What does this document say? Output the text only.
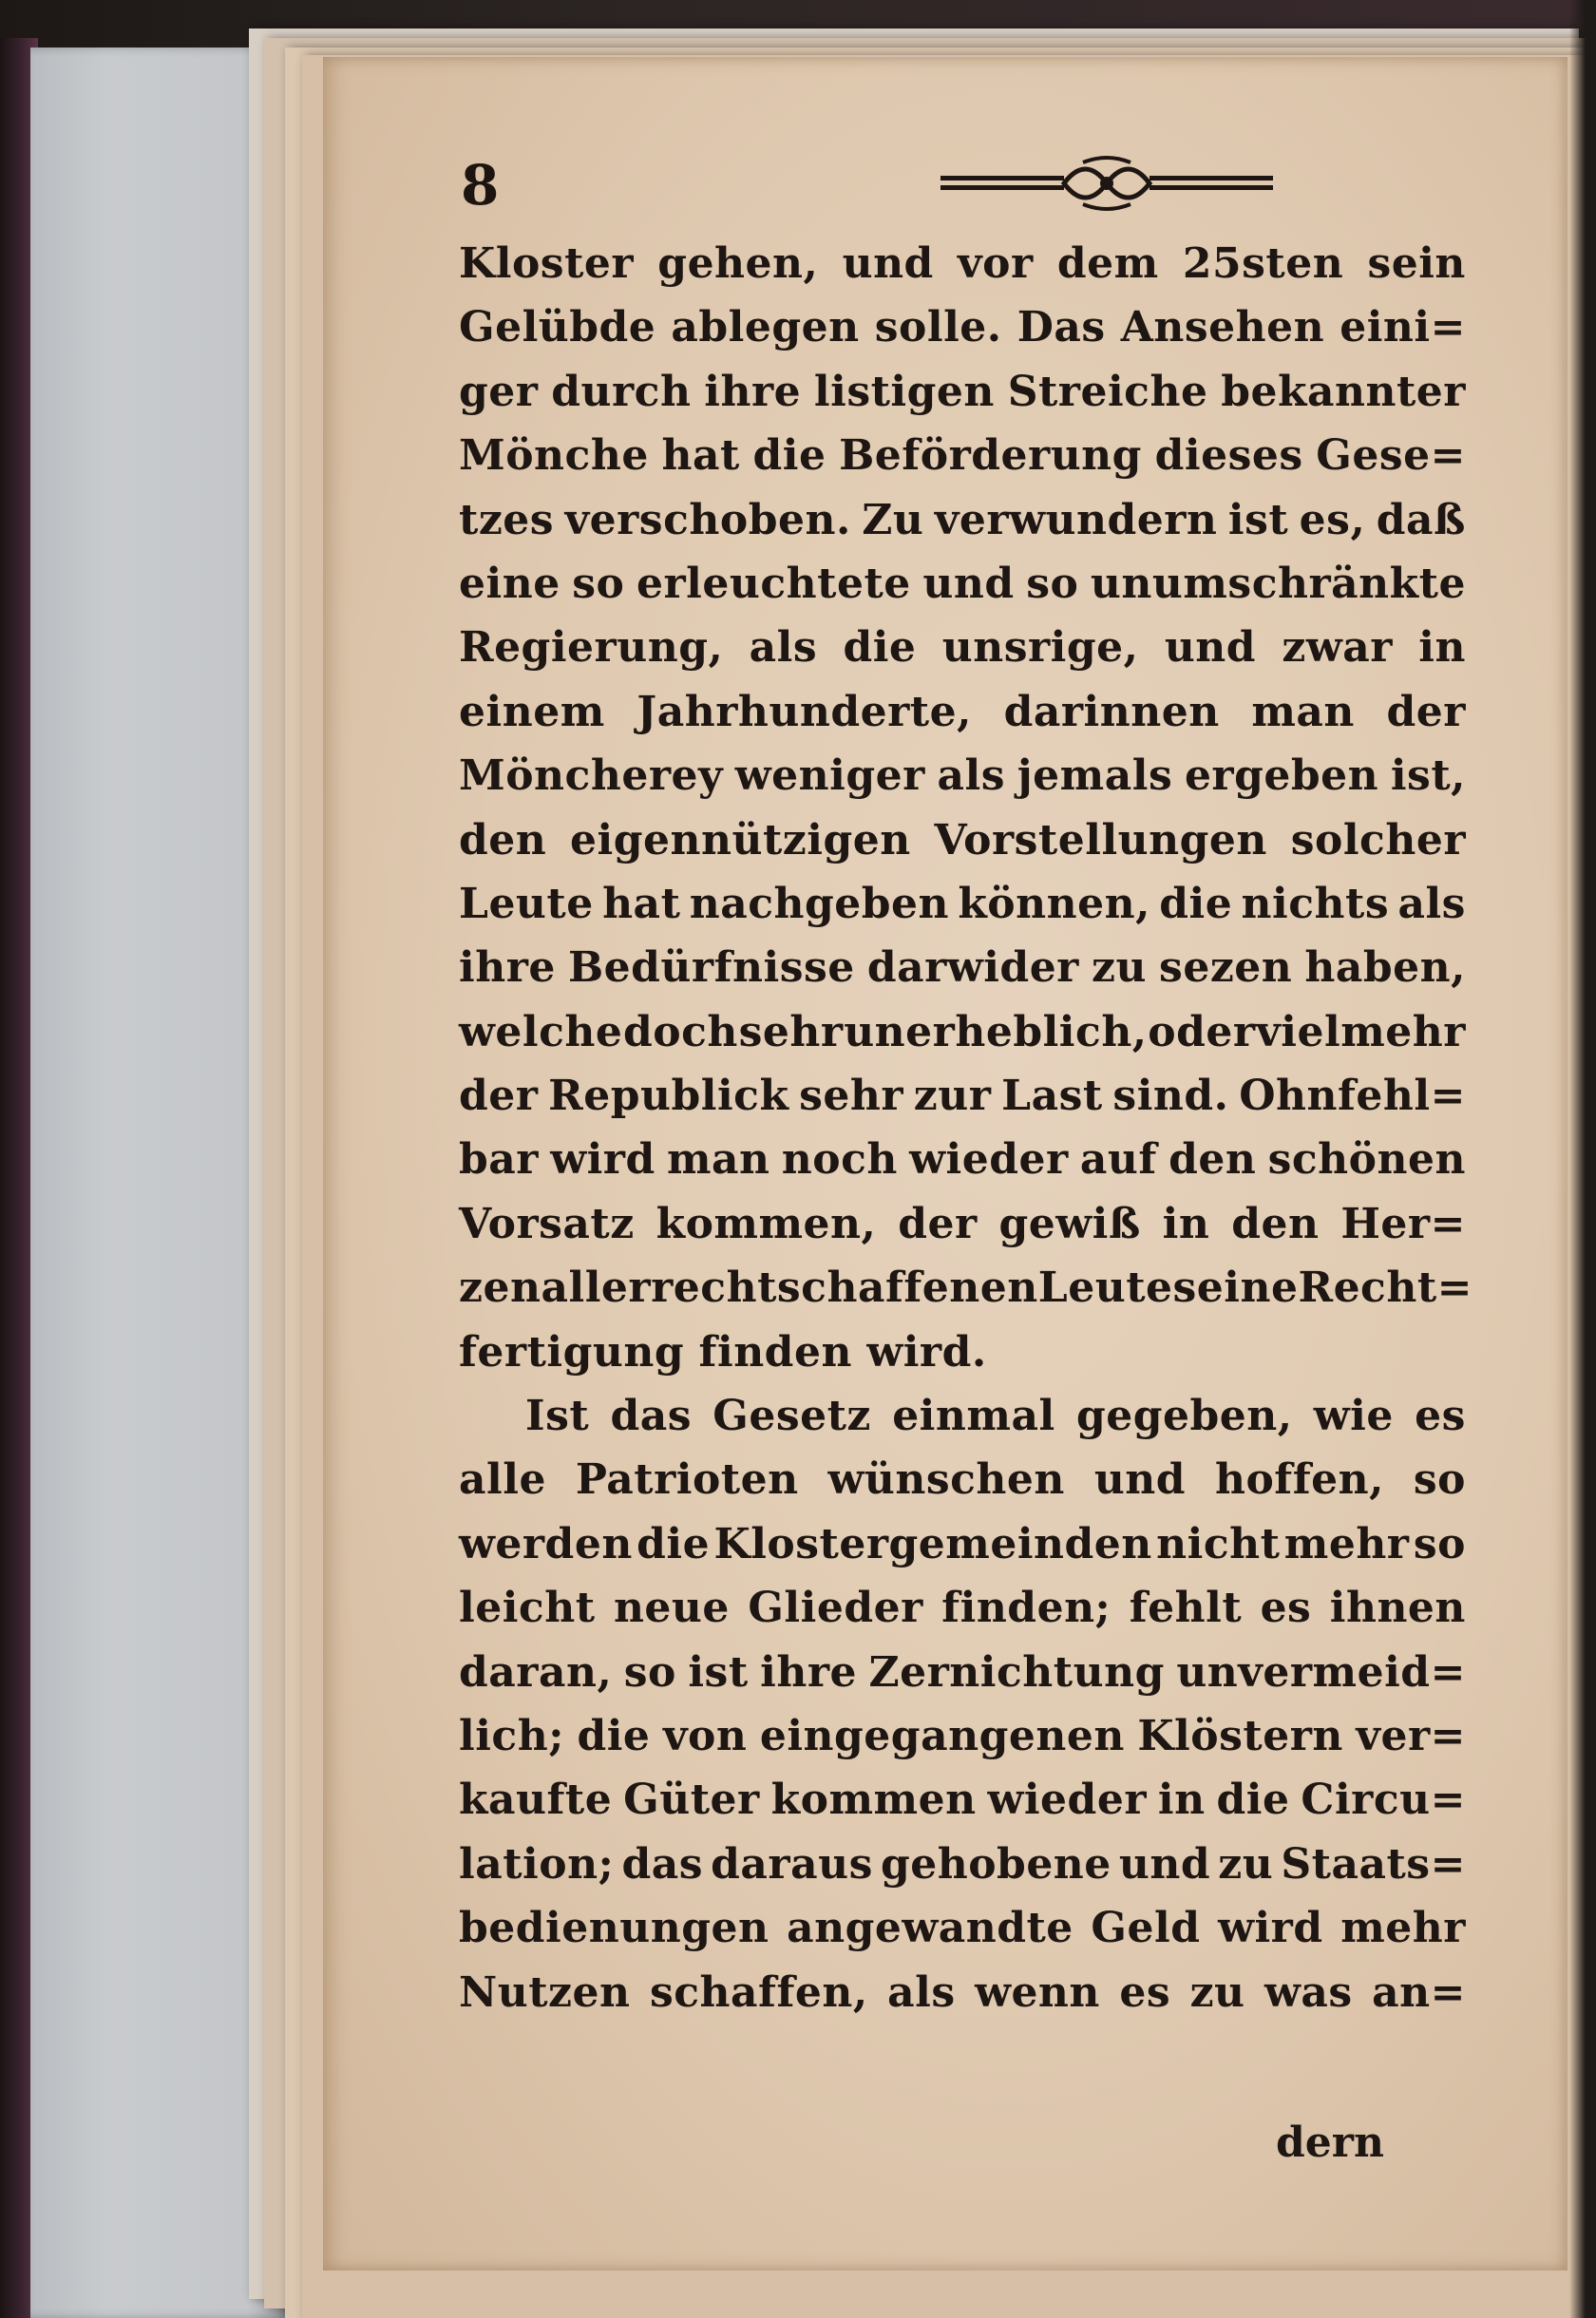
8
Kloster gehen, und vor dem 25sten sein
Gelübde ablegen solle. Das Ansehen eini=
ger durch ihre listigen Streiche bekannter
Mönche hat die Beförderung dieses Gese=
tzes verschoben. Zu verwundern ist es, daß
eine so erleuchtete und so unumschränkte
Regierung, als die unsrige, und zwar in
einem Jahrhunderte, darinnen man der
Möncherey weniger als jemals ergeben ist,
den eigennützigen Vorstellungen solcher
Leute hat nachgeben können, die nichts als
ihre Bedürfnisse darwider zu sezen haben,
welche doch sehr unerheblich, oder vielmehr
der Republick sehr zur Last sind. Ohnfehl=
bar wird man noch wieder auf den schönen
Vorsatz kommen, der gewiß in den Her=
zen aller rechtschaffenen Leute seine Recht=
fertigung finden wird.
Ist das Gesetz einmal gegeben, wie es
alle Patrioten wünschen und hoffen, so
werden die Klostergemeinden nicht mehr so
leicht neue Glieder finden; fehlt es ihnen
daran, so ist ihre Zernichtung unvermeid=
lich; die von eingegangenen Klöstern ver=
kaufte Güter kommen wieder in die Circu=
lation; das daraus gehobene und zu Staats=
bedienungen angewandte Geld wird mehr
Nutzen schaffen, als wenn es zu was an=
dern
